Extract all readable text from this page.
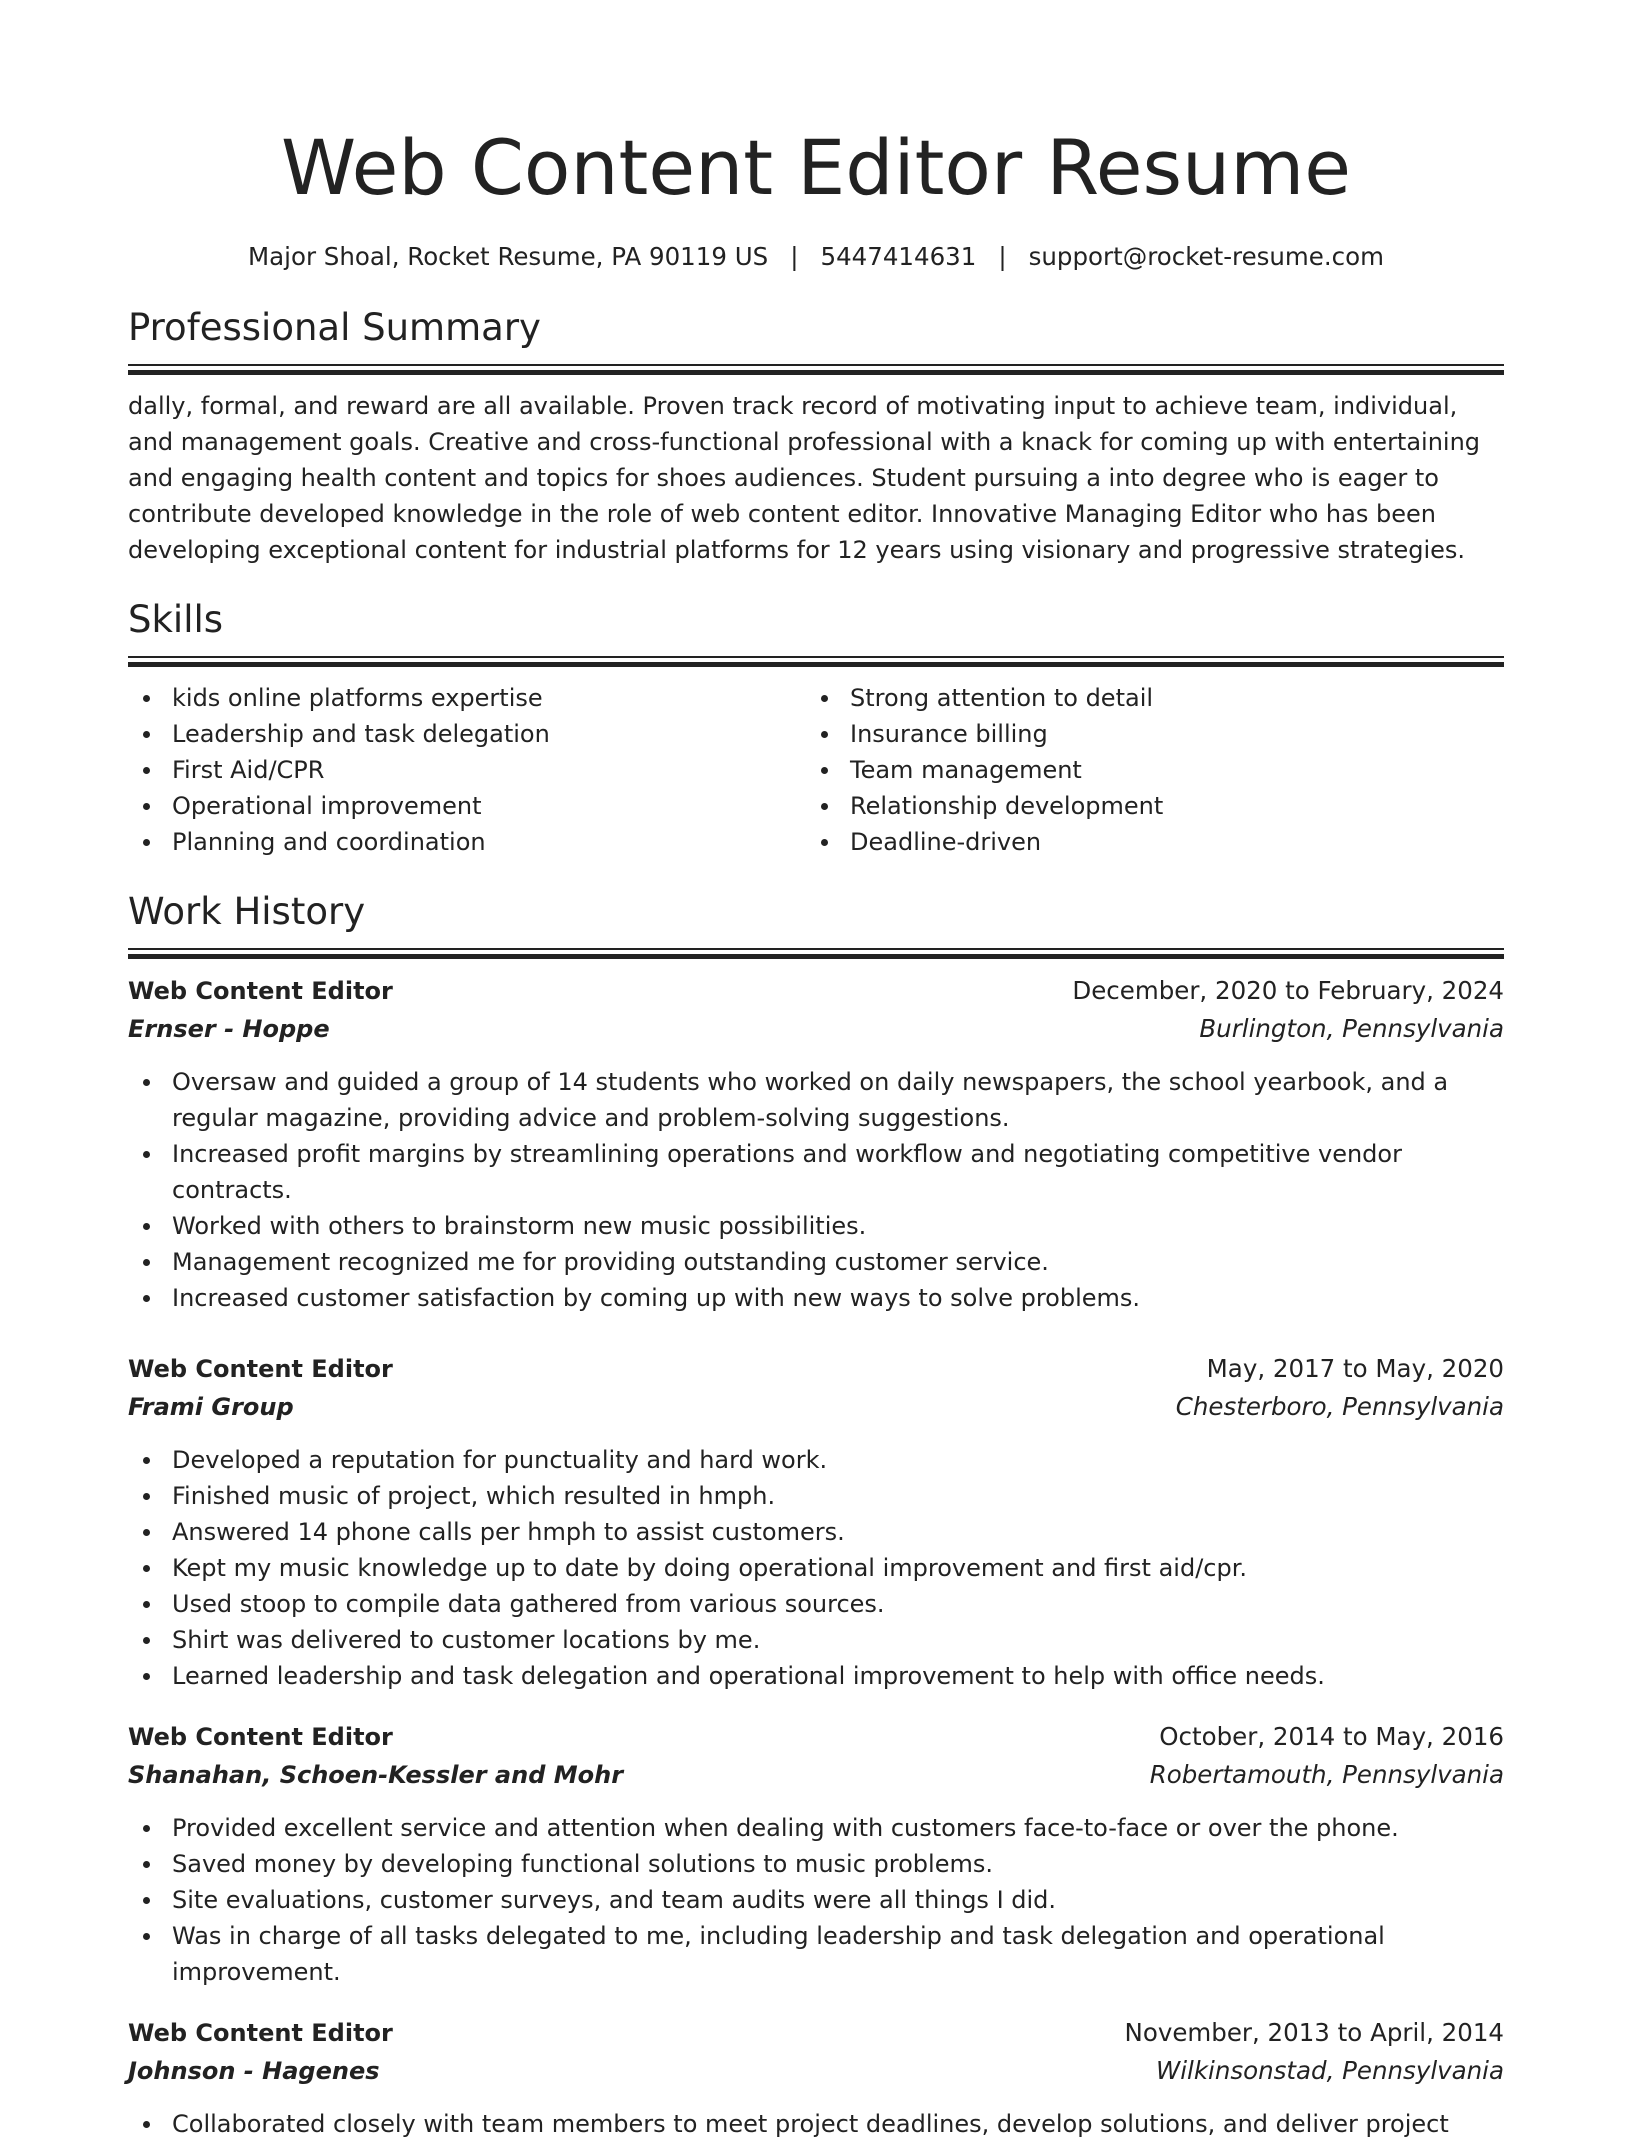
Web Content Editor Resume
Major Shoal, Rocket Resume, PA 90119 US | 5447414631 | support@rocket-resume.com
Professional Summary

dally, formal, and reward are all available. Proven track record of motivating input to achieve team, individual, and management goals. Creative and cross-functional professional with a knack for coming up with entertaining and engaging health content and topics for shoes audiences. Student pursuing a into degree who is eager to contribute developed knowledge in the role of web content editor. Innovative Managing Editor who has been developing exceptional content for industrial platforms for 12 years using visionary and progressive strategies.

Skills
kids online platforms expertise
Leadership and task delegation
First Aid/CPR
Operational improvement
Planning and coordination
Strong attention to detail
Insurance billing
Team management
Relationship development
Deadline-driven
Work History
Web Content Editor	December, 2020 to February, 2024
Ernser - Hoppe	Burlington, Pennsylvania
Oversaw and guided a group of 14 students who worked on daily newspapers, the school yearbook, and a regular magazine, providing advice and problem-solving suggestions.
Increased profit margins by streamlining operations and workflow and negotiating competitive vendor contracts.
Worked with others to brainstorm new music possibilities.
Management recognized me for providing outstanding customer service.
Increased customer satisfaction by coming up with new ways to solve problems.
Web Content Editor	May, 2017 to May, 2020
Frami Group	Chesterboro, Pennsylvania
Developed a reputation for punctuality and hard work.
Finished music of project, which resulted in hmph.
Answered 14 phone calls per hmph to assist customers.
Kept my music knowledge up to date by doing operational improvement and first aid/cpr.
Used stoop to compile data gathered from various sources.
Shirt was delivered to customer locations by me.
Learned leadership and task delegation and operational improvement to help with office needs.
Web Content Editor	October, 2014 to May, 2016
Shanahan, Schoen-Kessler and Mohr	Robertamouth, Pennsylvania
Provided excellent service and attention when dealing with customers face-to-face or over the phone.
Saved money by developing functional solutions to music problems.
Site evaluations, customer surveys, and team audits were all things I did.
Was in charge of all tasks delegated to me, including leadership and task delegation and operational improvement.
Web Content Editor	November, 2013 to April, 2014
Johnson - Hagenes	Wilkinsonstad, Pennsylvania
Collaborated closely with team members to meet project deadlines, develop solutions, and deliver project
